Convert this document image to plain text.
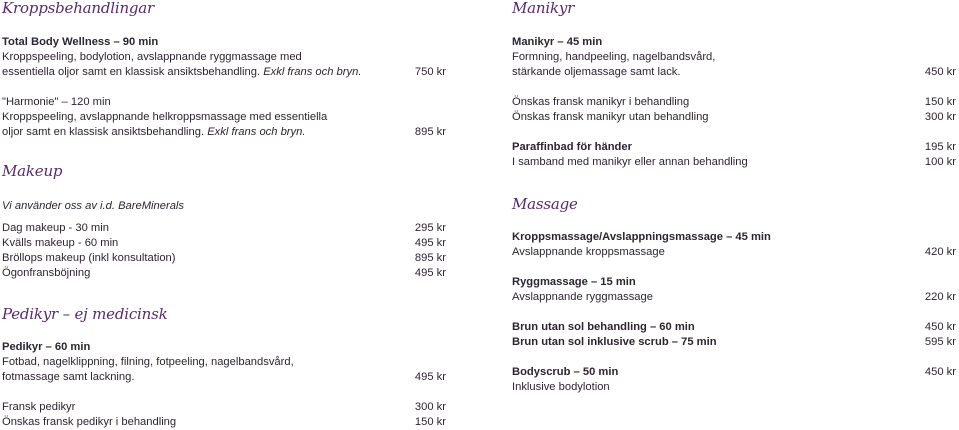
Kroppsbehandlingar
Total Body Wellness – 90 min
Kroppspeeling, bodylotion, avslappnande ryggmassage med
essentiella oljor samt en klassisk ansiktsbehandling. Exkl frans och bryn.	750 kr
"Harmonie" – 120 min
Kroppspeeling, avslappnande helkroppsmassage med essentiella
oljor samt en klassisk ansiktsbehandling. Exkl frans och bryn.	895 kr
Makeup
Vi använder oss av i.d. BareMinerals
Dag makeup - 30 min	295 kr
Kvälls makeup - 60 min	495 kr
Bröllops makeup (inkl konsultation)	895 kr
Ögonfransböjning	495 kr
Pedikyr – ej medicinsk
Pedikyr – 60 min
Fotbad, nagelklippning, filning, fotpeeling, nagelbandsvård,
fotmassage samt lackning.	495 kr
Fransk pedikyr	300 kr
Önskas fransk pedikyr i behandling	150 kr
Manikyr
Manikyr – 45 min
Formning, handpeeling, nagelbandsvård,
stärkande oljemassage samt lack.	450 kr
Önskas fransk manikyr i behandling	150 kr
Önskas fransk manikyr utan behandling	300 kr
Paraffinbad för händer	195 kr
I samband med manikyr eller annan behandling	100 kr
Massage
Kroppsmassage/Avslappningsmassage – 45 min
Avslappnande kroppsmassage	420 kr
Ryggmassage – 15 min
Avslappnande ryggmassage	220 kr
Brun utan sol behandling – 60 min	450 kr
Brun utan sol inklusive scrub – 75 min	595 kr
Bodyscrub – 50 min	450 kr
Inklusive bodylotion
